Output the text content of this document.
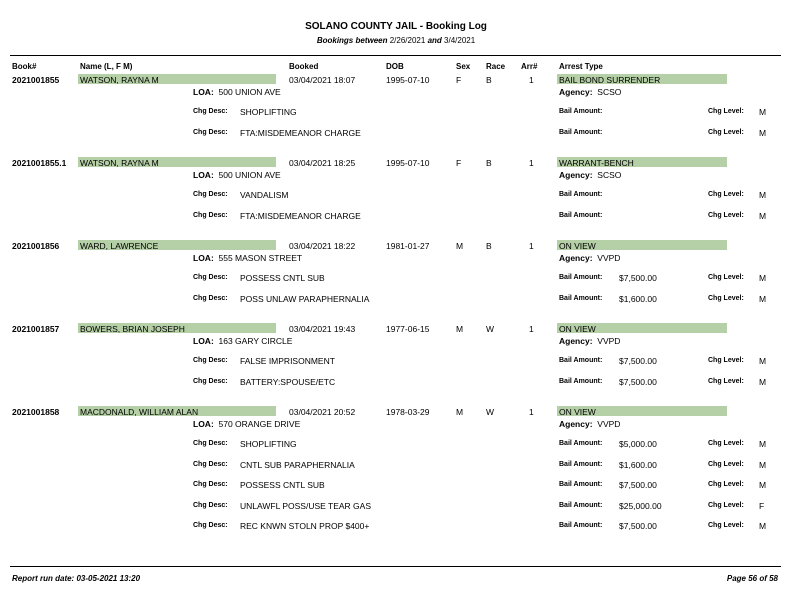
SOLANO COUNTY JAIL - Booking Log
Bookings between 2/26/2021 and 3/4/2021
Book#	Name (L, F M)	Booked	DOB	Sex Race Arr#	Arrest Type
2021001855 WATSON, RAYNA M	03/04/2021 18:07	1995-07-10	F	B	1	BAIL BOND SURRENDER
LOA: 500 UNION AVE	Agency: SCSO
Chg Desc: SHOPLIFTING	Bail Amount:	Chg Level: M
Chg Desc: FTA:MISDEMEANOR CHARGE	Bail Amount:	Chg Level: M
2021001855.1 WATSON, RAYNA M	03/04/2021 18:25	1995-07-10	F	B	1	WARRANT-BENCH
LOA: 500 UNION AVE	Agency: SCSO
Chg Desc: VANDALISM	Bail Amount:	Chg Level: M
Chg Desc: FTA:MISDEMEANOR CHARGE	Bail Amount:	Chg Level: M
2021001856 WARD, LAWRENCE	03/04/2021 18:22	1981-01-27	M	B	1	ON VIEW
LOA: 555 MASON STREET	Agency: VVPD
Chg Desc: POSSESS CNTL SUB	Bail Amount: $7,500.00	Chg Level: M
Chg Desc: POSS UNLAW PARAPHERNALIA	Bail Amount: $1,600.00	Chg Level: M
2021001857 BOWERS, BRIAN JOSEPH	03/04/2021 19:43	1977-06-15	M	W	1	ON VIEW
LOA: 163 GARY CIRCLE	Agency: VVPD
Chg Desc: FALSE IMPRISONMENT	Bail Amount: $7,500.00	Chg Level: M
Chg Desc: BATTERY:SPOUSE/ETC	Bail Amount: $7,500.00	Chg Level: M
2021001858 MACDONALD, WILLIAM ALAN	03/04/2021 20:52	1978-03-29	M	W	1	ON VIEW
LOA: 570 ORANGE DRIVE	Agency: VVPD
Chg Desc: SHOPLIFTING	Bail Amount: $5,000.00	Chg Level: M
Chg Desc: CNTL SUB PARAPHERNALIA	Bail Amount: $1,600.00	Chg Level: M
Chg Desc: POSSESS CNTL SUB	Bail Amount: $7,500.00	Chg Level: M
Chg Desc: UNLAWFL POSS/USE TEAR GAS	Bail Amount: $25,000.00	Chg Level: F
Chg Desc: REC KNWN STOLN PROP $400+	Bail Amount: $7,500.00	Chg Level: M
Report run date: 03-05-2021 13:20	Page 56 of 58
